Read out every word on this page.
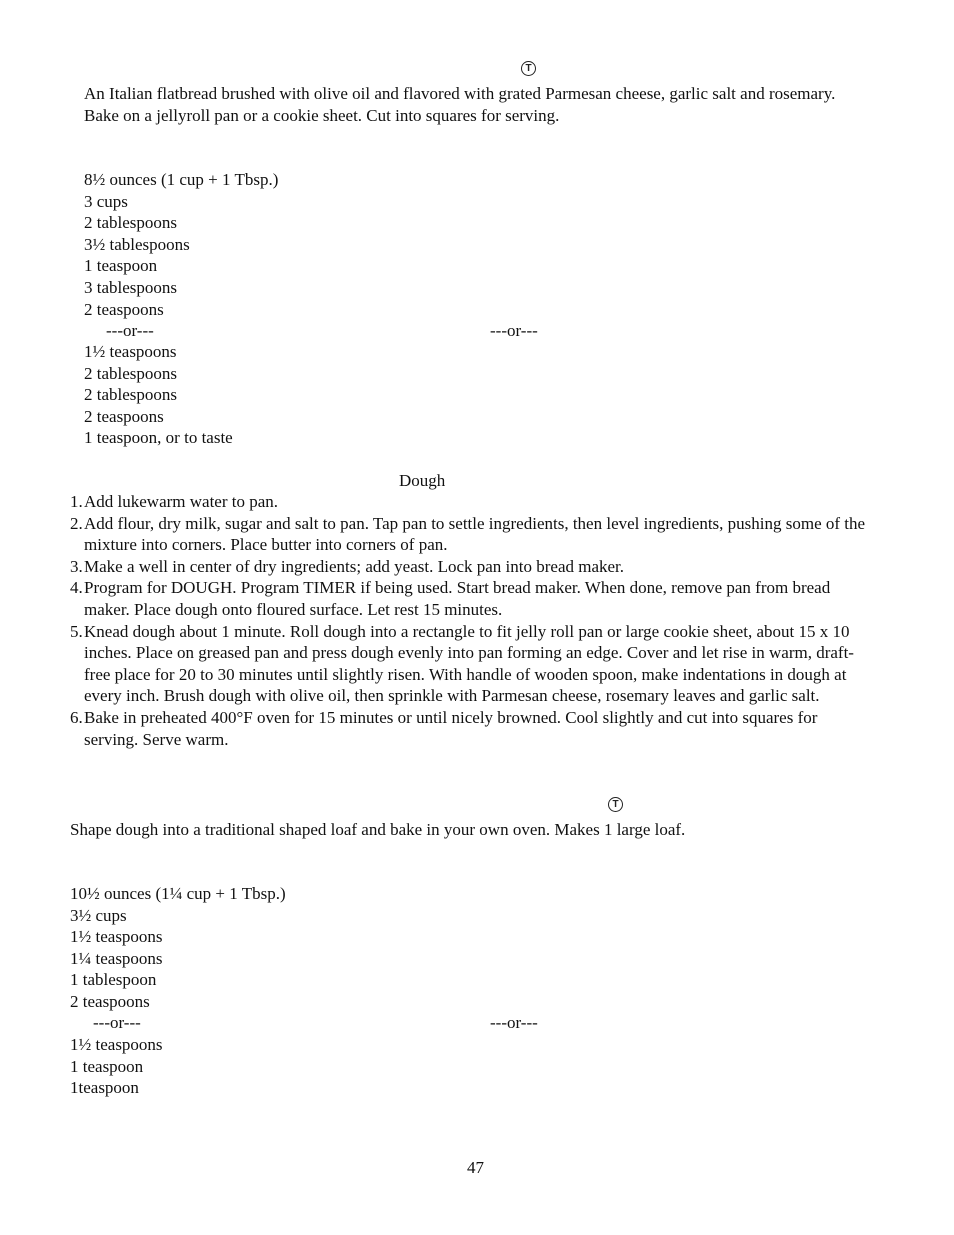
T
An Italian flatbread brushed with olive oil and flavored with grated Parmesan cheese, garlic salt and rosemary. Bake on a jellyroll pan or a cookie sheet. Cut into squares for serving.
8½ ounces (1 cup + 1 Tbsp.)
3 cups
2 tablespoons
3½ tablespoons
1 teaspoon
3 tablespoons
2 teaspoons
---or---	---or---
1½ teaspoons
2 tablespoons
2 tablespoons
2 teaspoons
1 teaspoon, or to taste
Dough
1. Add lukewarm water to pan.
2. Add flour, dry milk, sugar and salt to pan. Tap pan to settle ingredients, then level ingredients, pushing some of the mixture into corners. Place butter into corners of pan.
3. Make a well in center of dry ingredients; add yeast. Lock pan into bread maker.
4. Program for DOUGH. Program TIMER if being used. Start bread maker. When done, remove pan from bread maker. Place dough onto floured surface. Let rest 15 minutes.
5. Knead dough about 1 minute. Roll dough into a rectangle to fit jelly roll pan or large cookie sheet, about 15 x 10 inches. Place on greased pan and press dough evenly into pan forming an edge. Cover and let rise in warm, draft-free place for 20 to 30 minutes until slightly risen. With handle of wooden spoon, make indentations in dough at every inch. Brush dough with olive oil, then sprinkle with Parmesan cheese, rosemary leaves and garlic salt.
6. Bake in preheated 400°F oven for 15 minutes or until nicely browned. Cool slightly and cut into squares for serving. Serve warm.
T
Shape dough into a traditional shaped loaf and bake in your own oven. Makes 1 large loaf.
10½ ounces (1¼ cup + 1 Tbsp.)
3½ cups
1½ teaspoons
1¼ teaspoons
1 tablespoon
2 teaspoons
---or---	---or---
1½ teaspoons
1 teaspoon
1teaspoon
47
